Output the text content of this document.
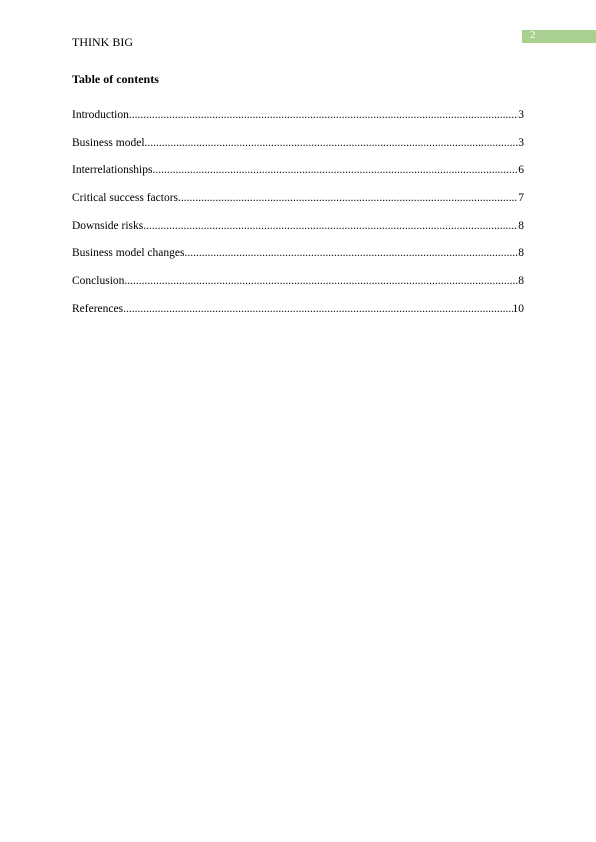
2
THINK BIG
Table of contents
Introduction .....	3
Business model .....	3
Interrelationships .....	6
Critical success factors .....	7
Downside risks .....	8
Business model changes .....	8
Conclusion .....	8
References .....	10
